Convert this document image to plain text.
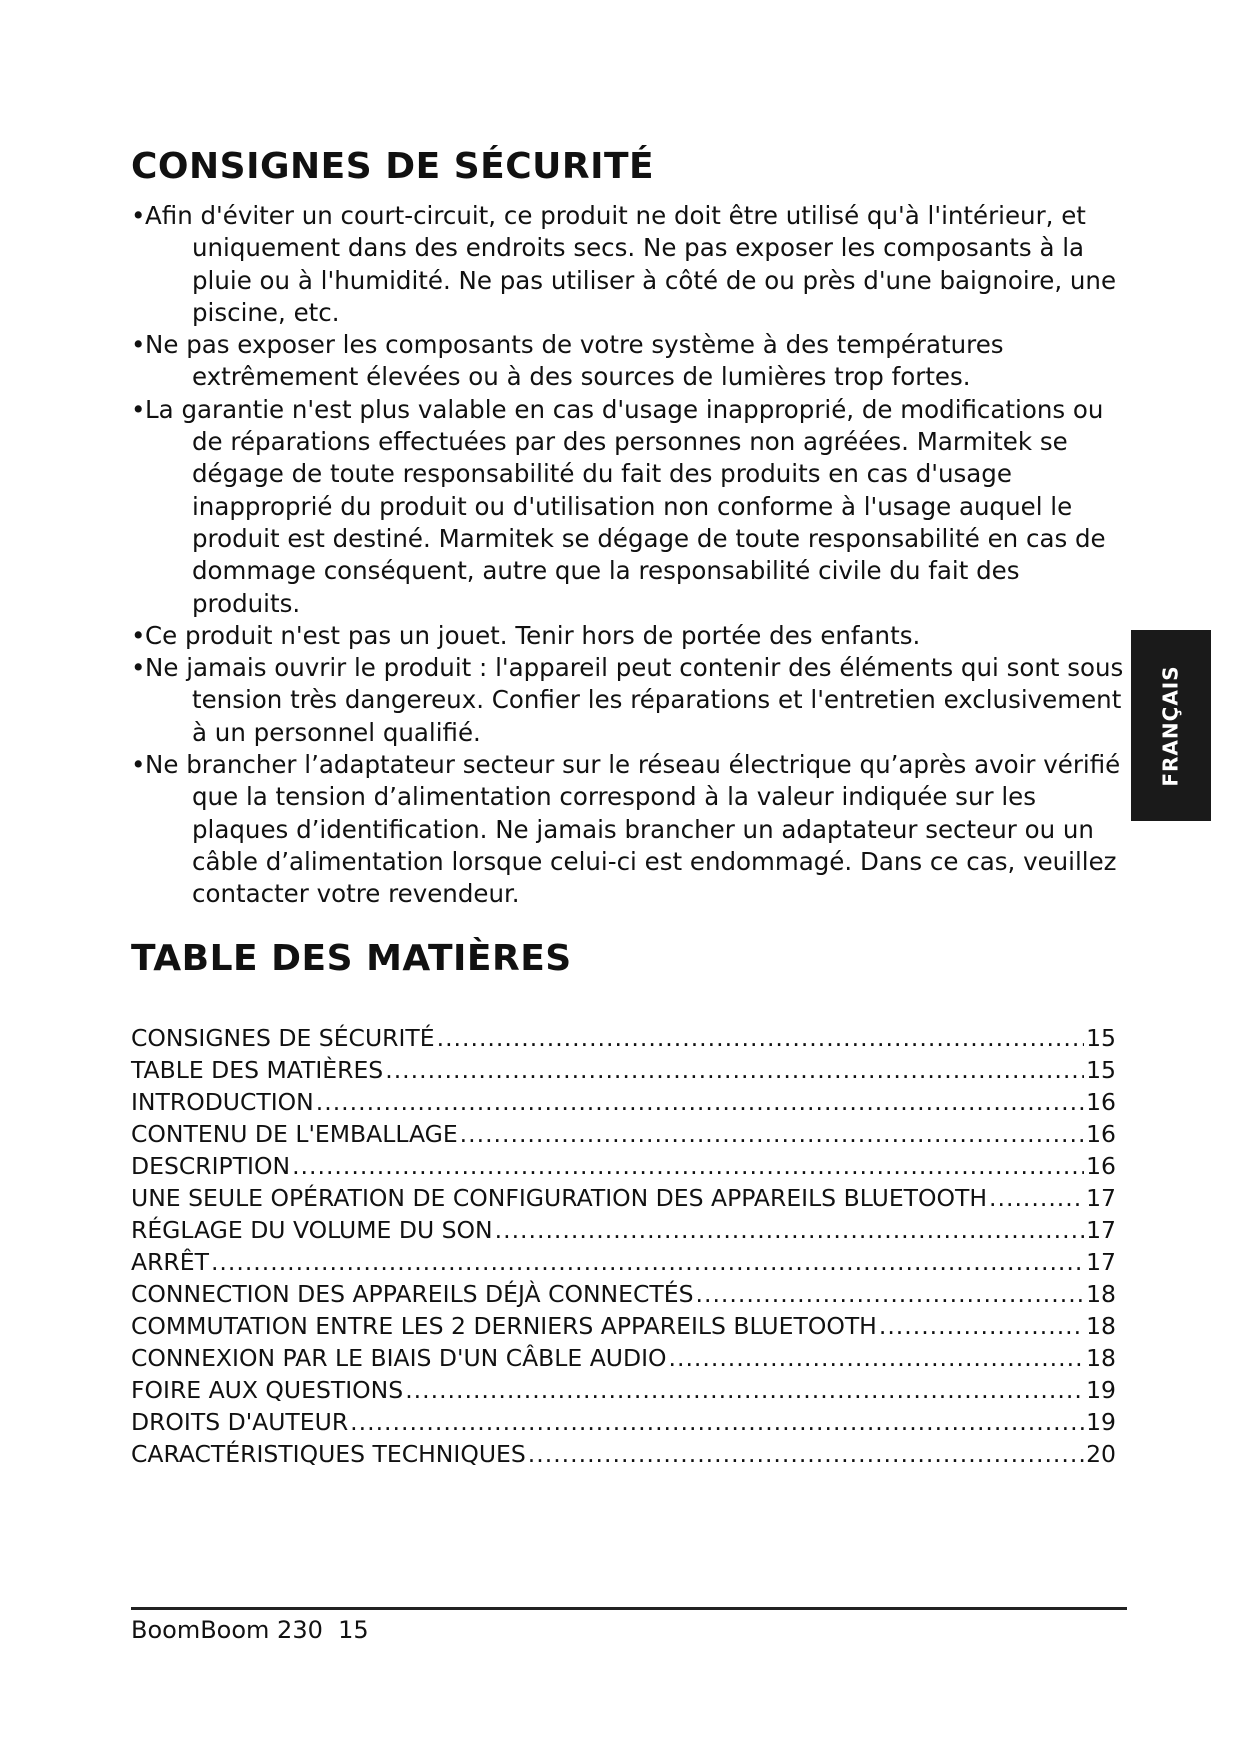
CONSIGNES DE SÉCURITÉ
•Afin d'éviter un court-circuit, ce produit ne doit être utilisé qu'à l'intérieur, et uniquement dans des endroits secs. Ne pas exposer les composants à la pluie ou à l'humidité. Ne pas utiliser à côté de ou près d'une baignoire, une piscine, etc.
•Ne pas exposer les composants de votre système à des températures extrêmement élevées ou à des sources de lumières trop fortes.
•La garantie n'est plus valable en cas d'usage inapproprié, de modifications ou de réparations effectuées par des personnes non agréées. Marmitek se dégage de toute responsabilité du fait des produits en cas d'usage inapproprié du produit ou d'utilisation non conforme à l'usage auquel le produit est destiné. Marmitek se dégage de toute responsabilité en cas de dommage conséquent, autre que la responsabilité civile du fait des produits.
•Ce produit n'est pas un jouet. Tenir hors de portée des enfants.
•Ne jamais ouvrir le produit : l'appareil peut contenir des éléments qui sont sous tension très dangereux. Confier les réparations et l'entretien exclusivement à un personnel qualifié.
•Ne brancher l’adaptateur secteur sur le réseau électrique qu’après avoir vérifié que la tension d’alimentation correspond à la valeur indiquée sur les plaques d’identification. Ne jamais brancher un adaptateur secteur ou un câble d’alimentation lorsque celui-ci est endommagé. Dans ce cas, veuillez contacter votre revendeur.
TABLE DES MATIÈRES
CONSIGNES DE SÉCURITÉ .....	15
TABLE DES MATIÈRES .....	15
INTRODUCTION .....	16
CONTENU DE L'EMBALLAGE .....	16
DESCRIPTION .....	16
UNE SEULE OPÉRATION DE CONFIGURATION DES APPAREILS BLUETOOTH .....	17
RÉGLAGE DU VOLUME DU SON .....	17
ARRÊT .....	17
CONNECTION DES APPAREILS DÉJÀ CONNECTÉS .....	18
COMMUTATION ENTRE LES 2 DERNIERS APPAREILS BLUETOOTH .....	18
CONNEXION PAR LE BIAIS D'UN CÂBLE AUDIO .....	18
FOIRE AUX QUESTIONS .....	19
DROITS D'AUTEUR .....	19
CARACTÉRISTIQUES TECHNIQUES .....	20
FRANÇAIS
BoomBoom 230 15
